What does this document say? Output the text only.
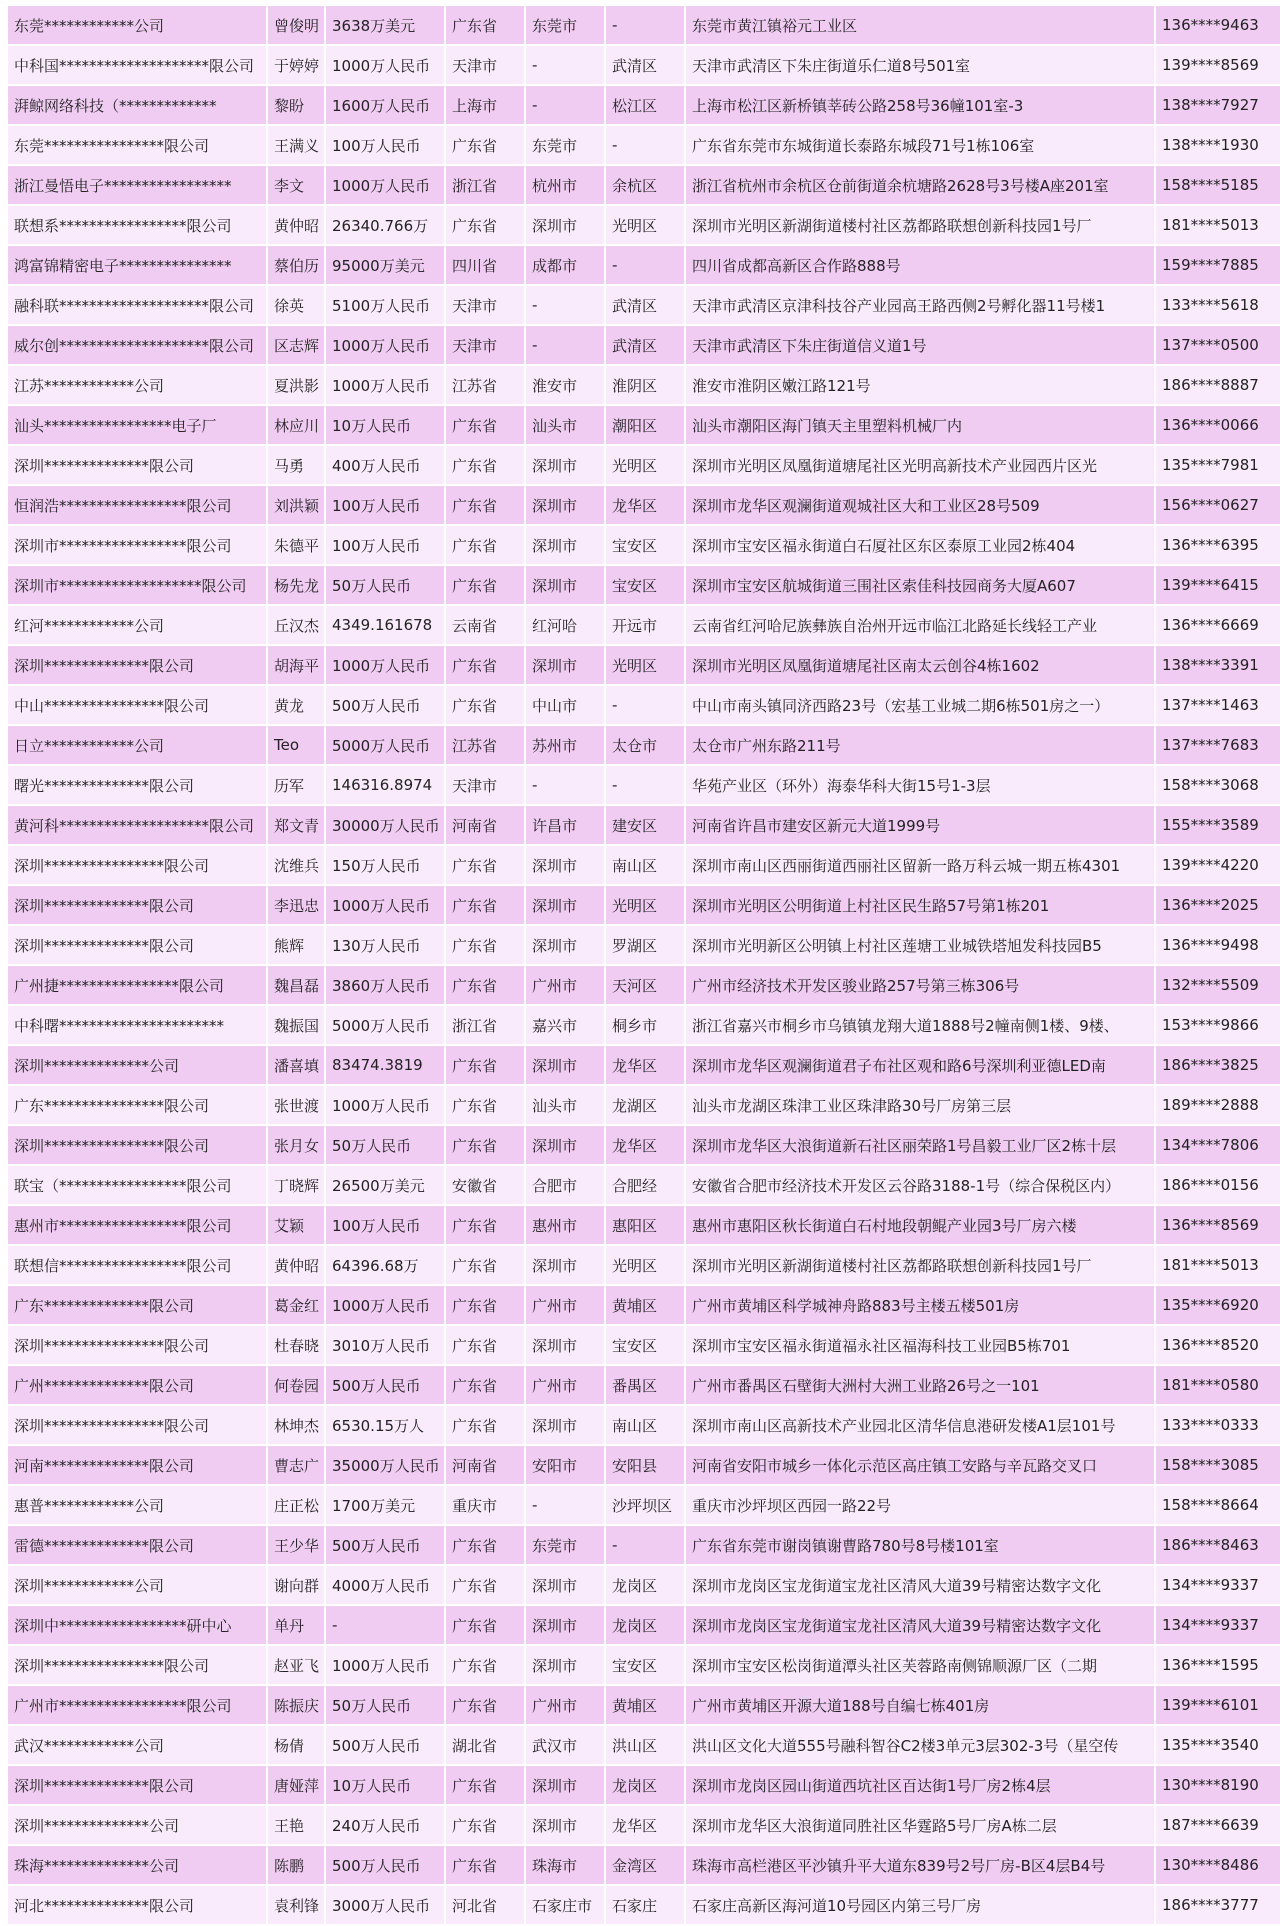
东莞************公司	曾俊明	3638万美元	广东省	东莞市	-	东莞市黄江镇裕元工业区	136****9463
中科国********************限公司	于婷婷	1000万人民币	天津市	-	武清区	天津市武清区下朱庄街道乐仁道8号501室	139****8569
湃鲸网络科技（*************	黎盼	1600万人民币	上海市	-	松江区	上海市松江区新桥镇莘砖公路258号36幢101室-3	138****7927
东莞****************限公司	王满义	100万人民币	广东省	东莞市	-	广东省东莞市东城街道长泰路东城段71号1栋106室	138****1930
浙江曼悟电子*****************	李文	1000万人民币	浙江省	杭州市	余杭区	浙江省杭州市余杭区仓前街道余杭塘路2628号3号楼A座201室	158****5185
联想系*****************限公司	黄仲昭	26340.766万	广东省	深圳市	光明区	深圳市光明区新湖街道楼村社区荔都路联想创新科技园1号厂	181****5013
鸿富锦精密电子***************	蔡伯历	95000万美元	四川省	成都市	-	四川省成都高新区合作路888号	159****7885
融科联********************限公司	徐英	5100万人民币	天津市	-	武清区	天津市武清区京津科技谷产业园高王路西侧2号孵化器11号楼1	133****5618
威尔创********************限公司	区志辉	1000万人民币	天津市	-	武清区	天津市武清区下朱庄街道信义道1号	137****0500
江苏************公司	夏洪影	1000万人民币	江苏省	淮安市	淮阴区	淮安市淮阴区嫩江路121号	186****8887
汕头*****************电子厂	林应川	10万人民币	广东省	汕头市	潮阳区	汕头市潮阳区海门镇天主里塑料机械厂内	136****0066
深圳**************限公司	马勇	400万人民币	广东省	深圳市	光明区	深圳市光明区凤凰街道塘尾社区光明高新技术产业园西片区光	135****7981
恒润浩*****************限公司	刘洪颖	100万人民币	广东省	深圳市	龙华区	深圳市龙华区观澜街道观城社区大和工业区28号509	156****0627
深圳市*****************限公司	朱德平	100万人民币	广东省	深圳市	宝安区	深圳市宝安区福永街道白石厦社区东区泰原工业园2栋404	136****6395
深圳市*******************限公司	杨先龙	50万人民币	广东省	深圳市	宝安区	深圳市宝安区航城街道三围社区索佳科技园商务大厦A607	139****6415
红河************公司	丘汉杰	4349.161678	云南省	红河哈	开远市	云南省红河哈尼族彝族自治州开远市临江北路延长线轻工产业	136****6669
深圳**************限公司	胡海平	1000万人民币	广东省	深圳市	光明区	深圳市光明区凤凰街道塘尾社区南太云创谷4栋1602	138****3391
中山****************限公司	黄龙	500万人民币	广东省	中山市	-	中山市南头镇同济西路23号（宏基工业城二期6栋501房之一）	137****1463
日立************公司	Teo	5000万人民币	江苏省	苏州市	太仓市	太仓市广州东路211号	137****7683
曙光**************限公司	历军	146316.8974	天津市	-	-	华苑产业区（环外）海泰华科大街15号1-3层	158****3068
黄河科********************限公司	郑文青	30000万人民币	河南省	许昌市	建安区	河南省许昌市建安区新元大道1999号	155****3589
深圳****************限公司	沈维兵	150万人民币	广东省	深圳市	南山区	深圳市南山区西丽街道西丽社区留新一路万科云城一期五栋4301	139****4220
深圳**************限公司	李迅忠	1000万人民币	广东省	深圳市	光明区	深圳市光明区公明街道上村社区民生路57号第1栋201	136****2025
深圳**************限公司	熊辉	130万人民币	广东省	深圳市	罗湖区	深圳市光明新区公明镇上村社区莲塘工业城铁塔旭发科技园B5	136****9498
广州捷****************限公司	魏昌磊	3860万人民币	广东省	广州市	天河区	广州市经济技术开发区骏业路257号第三栋306号	132****5509
中科曙**********************	魏振国	5000万人民币	浙江省	嘉兴市	桐乡市	浙江省嘉兴市桐乡市乌镇镇龙翔大道1888号2幢南侧1楼、9楼、	153****9866
深圳**************公司	潘喜填	83474.3819	广东省	深圳市	龙华区	深圳市龙华区观澜街道君子布社区观和路6号深圳利亚德LED南	186****3825
广东****************限公司	张世渡	1000万人民币	广东省	汕头市	龙湖区	汕头市龙湖区珠津工业区珠津路30号厂房第三层	189****2888
深圳****************限公司	张月女	50万人民币	广东省	深圳市	龙华区	深圳市龙华区大浪街道新石社区丽荣路1号昌毅工业厂区2栋十层	134****7806
联宝（*****************限公司	丁晓辉	26500万美元	安徽省	合肥市	合肥经	安徽省合肥市经济技术开发区云谷路3188-1号（综合保税区内）	186****0156
惠州市*****************限公司	艾颖	100万人民币	广东省	惠州市	惠阳区	惠州市惠阳区秋长街道白石村地段朝鲲产业园3号厂房六楼	136****8569
联想信*****************限公司	黄仲昭	64396.68万	广东省	深圳市	光明区	深圳市光明区新湖街道楼村社区荔都路联想创新科技园1号厂	181****5013
广东**************限公司	葛金红	1000万人民币	广东省	广州市	黄埔区	广州市黄埔区科学城神舟路883号主楼五楼501房	135****6920
深圳****************限公司	杜春晓	3010万人民币	广东省	深圳市	宝安区	深圳市宝安区福永街道福永社区福海科技工业园B5栋701	136****8520
广州**************限公司	何卷园	500万人民币	广东省	广州市	番禺区	广州市番禺区石壁街大洲村大洲工业路26号之一101	181****0580
深圳****************限公司	林坤杰	6530.15万人	广东省	深圳市	南山区	深圳市南山区高新技术产业园北区清华信息港研发楼A1层101号	133****0333
河南**************限公司	曹志广	35000万人民币	河南省	安阳市	安阳县	河南省安阳市城乡一体化示范区高庄镇工安路与辛瓦路交叉口	158****3085
惠普************公司	庄正松	1700万美元	重庆市	-	沙坪坝区	重庆市沙坪坝区西园一路22号	158****8664
雷德**************限公司	王少华	500万人民币	广东省	东莞市	-	广东省东莞市谢岗镇谢曹路780号8号楼101室	186****8463
深圳************公司	谢向群	4000万人民币	广东省	深圳市	龙岗区	深圳市龙岗区宝龙街道宝龙社区清风大道39号精密达数字文化	134****9337
深圳中*****************研中心	单丹	-	广东省	深圳市	龙岗区	深圳市龙岗区宝龙街道宝龙社区清风大道39号精密达数字文化	134****9337
深圳****************限公司	赵亚飞	1000万人民币	广东省	深圳市	宝安区	深圳市宝安区松岗街道潭头社区芙蓉路南侧锦顺源厂区（二期	136****1595
广州市*****************限公司	陈振庆	50万人民币	广东省	广州市	黄埔区	广州市黄埔区开源大道188号自编七栋401房	139****6101
武汉************公司	杨倩	500万人民币	湖北省	武汉市	洪山区	洪山区文化大道555号融科智谷C2楼3单元3层302-3号（星空传	135****3540
深圳**************限公司	唐娅萍	10万人民币	广东省	深圳市	龙岗区	深圳市龙岗区园山街道西坑社区百达街1号厂房2栋4层	130****8190
深圳**************公司	王艳	240万人民币	广东省	深圳市	龙华区	深圳市龙华区大浪街道同胜社区华霆路5号厂房A栋二层	187****6639
珠海**************公司	陈鹏	500万人民币	广东省	珠海市	金湾区	珠海市高栏港区平沙镇升平大道东839号2号厂房-B区4层B4号	130****8486
河北**************限公司	袁利锋	3000万人民币	河北省	石家庄市	石家庄	石家庄高新区海河道10号园区内第三号厂房	186****3777
